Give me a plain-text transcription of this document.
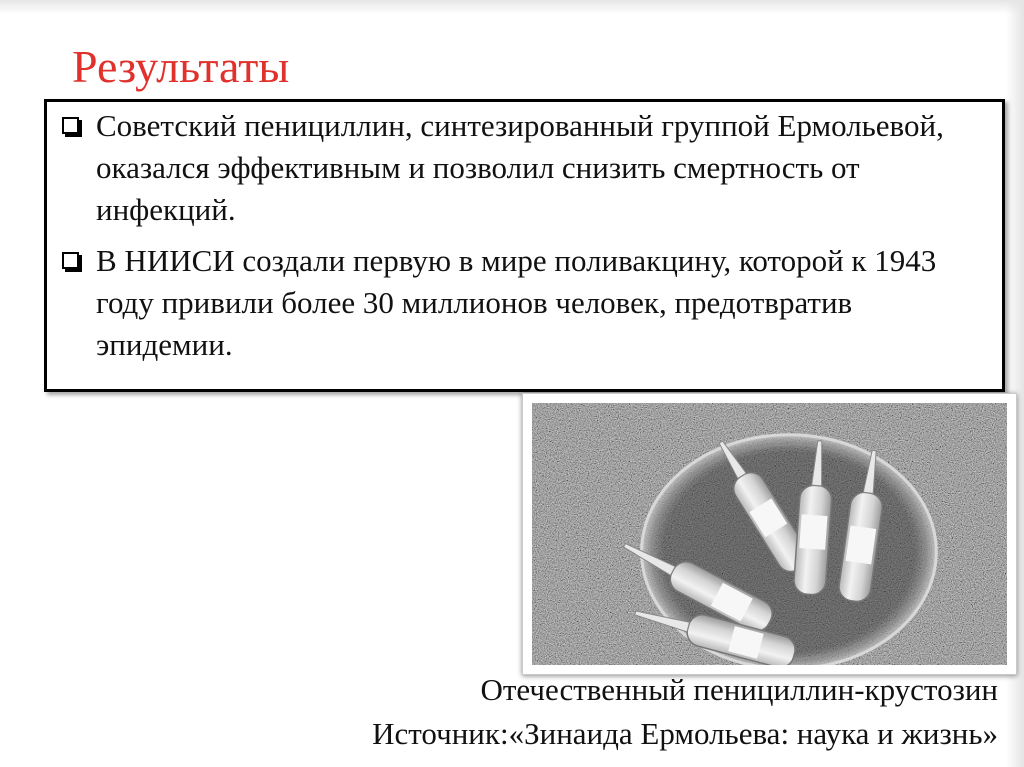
Результаты
Советский пенициллин, синтезированный группой Ермольевой, оказался эффективным и позволил снизить смертность от инфекций.
В НИИСИ создали первую в мире поливакцину, которой к 1943 году привили более 30 миллионов человек, предотвратив эпидемии.

Отечественный пенициллин-крустозин

Источник:«Зинаида Ермольева: наука и жизнь»
